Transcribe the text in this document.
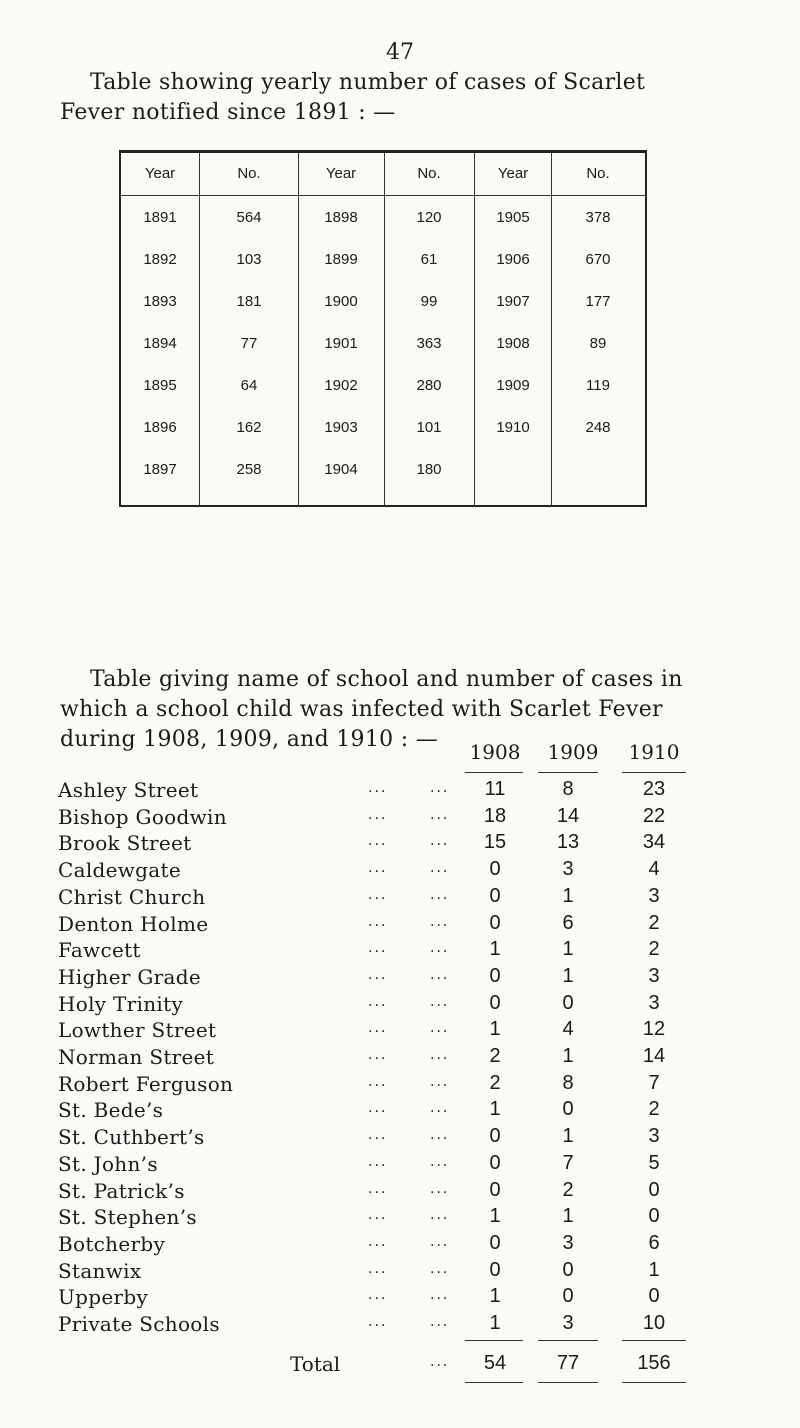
47
Table showing yearly number of cases of Scarlet
Fever notified since 1891 : —
Year	No.	Year	No.	Year	No.
1891	564	1898	120	1905	378
1892	103	1899	61	1906	670
1893	181	1900	99	1907	177
1894	77	1901	363	1908	89
1895	64	1902	280	1909	119
1896	162	1903	101	1910	248
1897	258	1904	180
Table giving name of school and number of cases in
which a school child was infected with Scarlet Fever
during 1908, 1909, and 1910 : —	1908	1909	1910
Ashley Street	...	...	11	8	23
Bishop Goodwin	...	...	18	14	22
Brook Street	...	...	15	13	34
Caldewgate	...	...	0	3	4
Christ Church	...	...	0	1	3
Denton Holme	...	...	0	6	2
Fawcett	...	...	1	1	2
Higher Grade	...	...	0	1	3
Holy Trinity	...	...	0	0	3
Lowther Street	...	...	1	4	12
Norman Street	...	...	2	1	14
Robert Ferguson	...	...	2	8	7
St. Bede’s	...	...	1	0	2
St. Cuthbert’s	...	...	0	1	3
St. John’s	...	...	0	7	5
St. Patrick’s	...	...	0	2	0
St. Stephen’s	...	...	1	1	0
Botcherby	...	...	0	3	6
Stanwix	...	...	0	0	1
Upperby	...	...	1	0	0
Private Schools	...	...	1	3	10
Total	...	54	77	156
